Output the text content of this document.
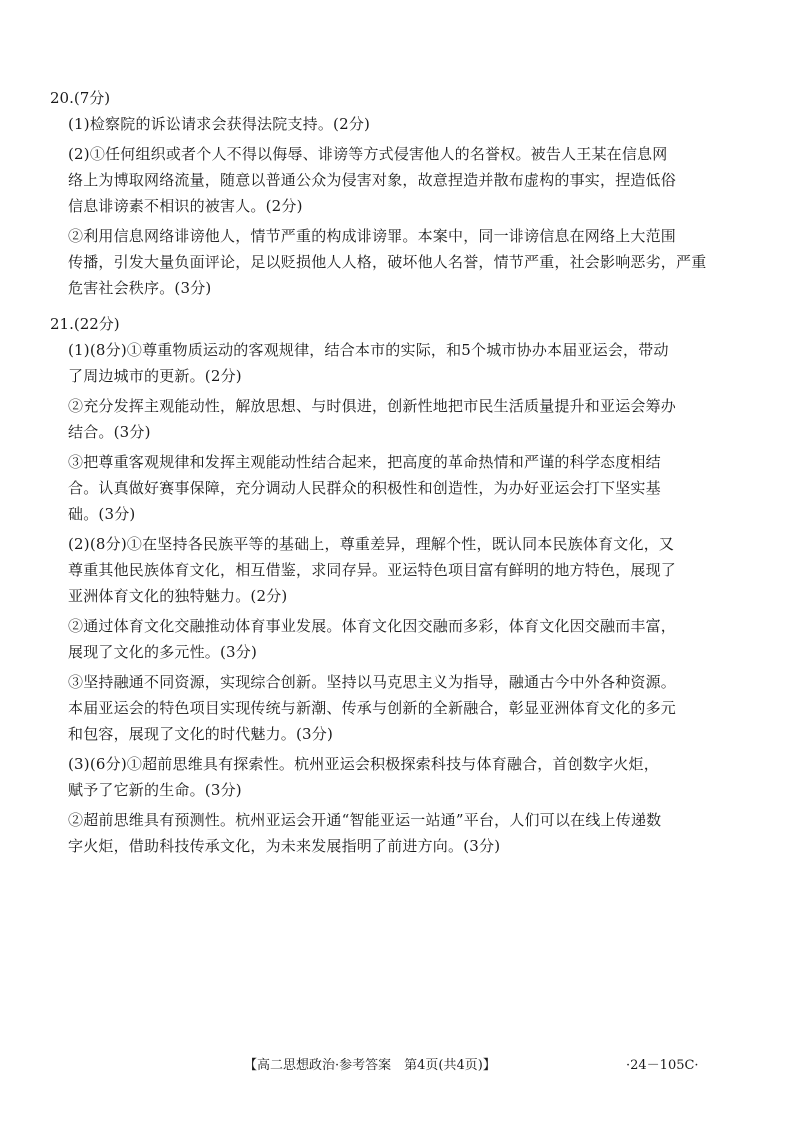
20.(7分)
(1)检察院的诉讼请求会获得法院支持。(2分)
(2)①任何组织或者个人不得以侮辱、诽谤等方式侵害他人的名誉权。被告人王某在信息网
络上为博取网络流量，随意以普通公众为侵害对象，故意捏造并散布虚构的事实，捏造低俗
信息诽谤素不相识的被害人。(2分)
②利用信息网络诽谤他人，情节严重的构成诽谤罪。本案中，同一诽谤信息在网络上大范围
传播，引发大量负面评论，足以贬损他人人格，破坏他人名誉，情节严重，社会影响恶劣，严重
危害社会秩序。(3分)
21.(22分)
(1)(8分)①尊重物质运动的客观规律，结合本市的实际，和5个城市协办本届亚运会，带动
了周边城市的更新。(2分)
②充分发挥主观能动性，解放思想、与时俱进，创新性地把市民生活质量提升和亚运会筹办
结合。(3分)
③把尊重客观规律和发挥主观能动性结合起来，把高度的革命热情和严谨的科学态度相结
合。认真做好赛事保障，充分调动人民群众的积极性和创造性，为办好亚运会打下坚实基
础。(3分)
(2)(8分)①在坚持各民族平等的基础上，尊重差异，理解个性，既认同本民族体育文化，又
尊重其他民族体育文化，相互借鉴，求同存异。亚运特色项目富有鲜明的地方特色，展现了
亚洲体育文化的独特魅力。(2分)
②通过体育文化交融推动体育事业发展。体育文化因交融而多彩，体育文化因交融而丰富，
展现了文化的多元性。(3分)
③坚持融通不同资源，实现综合创新。坚持以马克思主义为指导，融通古今中外各种资源。
本届亚运会的特色项目实现传统与新潮、传承与创新的全新融合，彰显亚洲体育文化的多元
和包容，展现了文化的时代魅力。(3分)
(3)(6分)①超前思维具有探索性。杭州亚运会积极探索科技与体育融合，首创数字火炬，
赋予了它新的生命。(3分)
②超前思维具有预测性。杭州亚运会开通“智能亚运一站通”平台，人们可以在线上传递数
字火炬，借助科技传承文化，为未来发展指明了前进方向。(3分)
【高二思想政治·参考答案　第4页(共4页)】	·24－105C·
